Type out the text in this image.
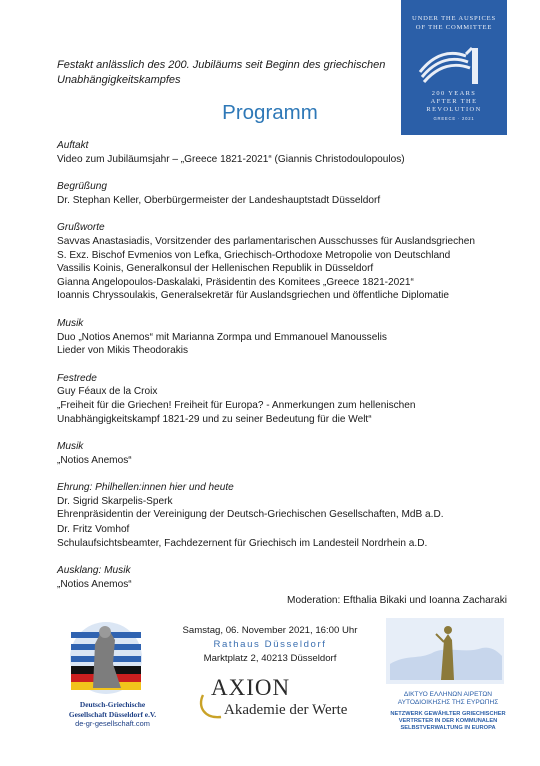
UNDER THE AUSPICES
OF THE COMMITTEE
200 YEARS
AFTER THE
REVOLUTION
GREECE · 2021
Festakt anlässlich des 200. Jubiläums seit Beginn des griechischen
Unabhängigkeitskampfes
Programm
Auftakt
Video zum Jubiläumsjahr – „Greece 1821-2021“ (Giannis Christodoulopoulos)
Begrüßung
Dr. Stephan Keller, Oberbürgermeister der Landeshauptstadt Düsseldorf
Grußworte
Savvas Anastasiadis, Vorsitzender des parlamentarischen Ausschusses für Auslandsgriechen
S. Exz. Bischof Evmenios von Lefka, Griechisch-Orthodoxe Metropolie von Deutschland
Vassilis Koinis, Generalkonsul der Hellenischen Republik in Düsseldorf
Gianna Angelopoulos-Daskalaki, Präsidentin des Komitees „Greece 1821-2021“
Ioannis Chryssoulakis, Generalsekretär für Auslandsgriechen und öffentliche Diplomatie
Musik
Duo „Notios Anemos“ mit Marianna Zormpa und Emmanouel Manousselis
Lieder von Mikis Theodorakis
Festrede
Guy Féaux de la Croix
„Freiheit für die Griechen! Freiheit für Europa? - Anmerkungen zum hellenischen
Unabhängigkeitskampf 1821-29 und zu seiner Bedeutung für die Welt“
Musik
„Notios Anemos“
Ehrung: Philhellen:innen hier und heute
Dr. Sigrid Skarpelis-Sperk
Ehrenpräsidentin der Vereinigung der Deutsch-Griechischen Gesellschaften, MdB a.D.
Dr. Fritz Vomhof
Schulaufsichtsbeamter, Fachdezernent für Griechisch im Landesteil Nordrhein a.D.
Ausklang: Musik
„Notios Anemos“
Moderation: Efthalia Bikaki und Ioanna Zacharaki
Deutsch-Griechische
Gesellschaft Düsseldorf e.V.
de-gr-gesellschaft.com
Samstag, 06. November 2021, 16:00 Uhr
Rathaus Düsseldorf
Marktplatz 2, 40213 Düsseldorf
AXION
Akademie der Werte
ΔΙΚΤΥΟ ΕΛΛΗΝΩΝ ΑΙΡΕΤΩΝ
ΑΥΤΟΔΙΟΙΚΗΣΗΣ ΤΗΣ ΕΥΡΩΠΗΣ
NETZWERK GEWÄHLTER GRIECHISCHER
VERTRETER IN DER KOMMUNALEN
SELBSTVERWALTUNG IN EUROPA
